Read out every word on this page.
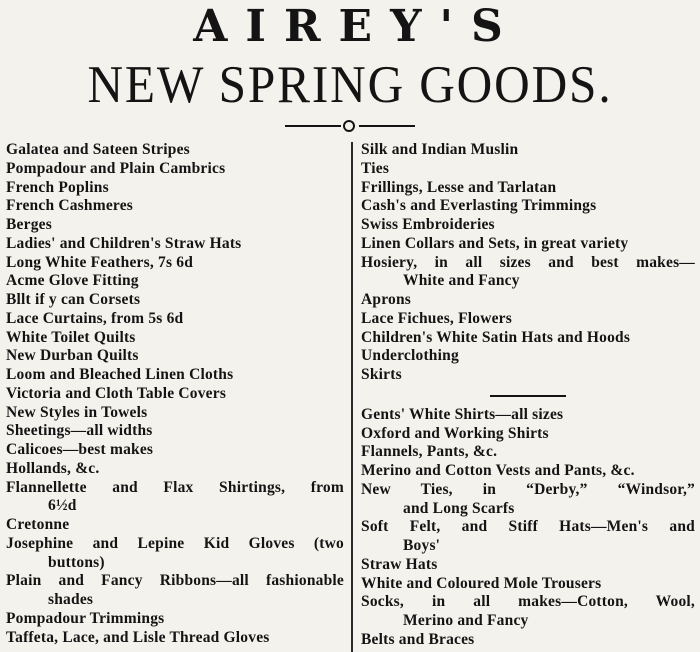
AIREY'S
NEW SPRING GOODS.
Galatea and Sateen Stripes
Pompadour and Plain Cambrics
French Poplins
French Cashmeres
Berges
Ladies' and Children's Straw Hats
Long White Feathers, 7s 6d
Acme Glove Fitting
Bllt if y can Corsets
Lace Curtains, from 5s 6d
White Toilet Quilts
New Durban Quilts
Loom and Bleached Linen Cloths
Victoria and Cloth Table Covers
New Styles in Towels
Sheetings—all widths
Calicoes—best makes
Hollands, &c.
Flannellette and Flax Shirtings, from
6½d
Cretonne
Josephine and Lepine Kid Gloves (two
buttons)
Plain and Fancy Ribbons—all fashionable
shades
Pompadour Trimmings
Taffeta, Lace, and Lisle Thread Gloves
Silk and Indian Muslin
Ties
Frillings, Lesse and Tarlatan
Cash's and Everlasting Trimmings
Swiss Embroideries
Linen Collars and Sets, in great variety
Hosiery, in all sizes and best makes—
White and Fancy
Aprons
Lace Fichues, Flowers
Children's White Satin Hats and Hoods
Underclothing
Skirts
Gents' White Shirts—all sizes
Oxford and Working Shirts
Flannels, Pants, &c.
Merino and Cotton Vests and Pants, &c.
New Ties, in “Derby,” “Windsor,”
and Long Scarfs
Soft Felt, and Stiff Hats—Men's and
Boys'
Straw Hats
White and Coloured Mole Trousers
Socks, in all makes—Cotton, Wool,
Merino and Fancy
Belts and Braces
